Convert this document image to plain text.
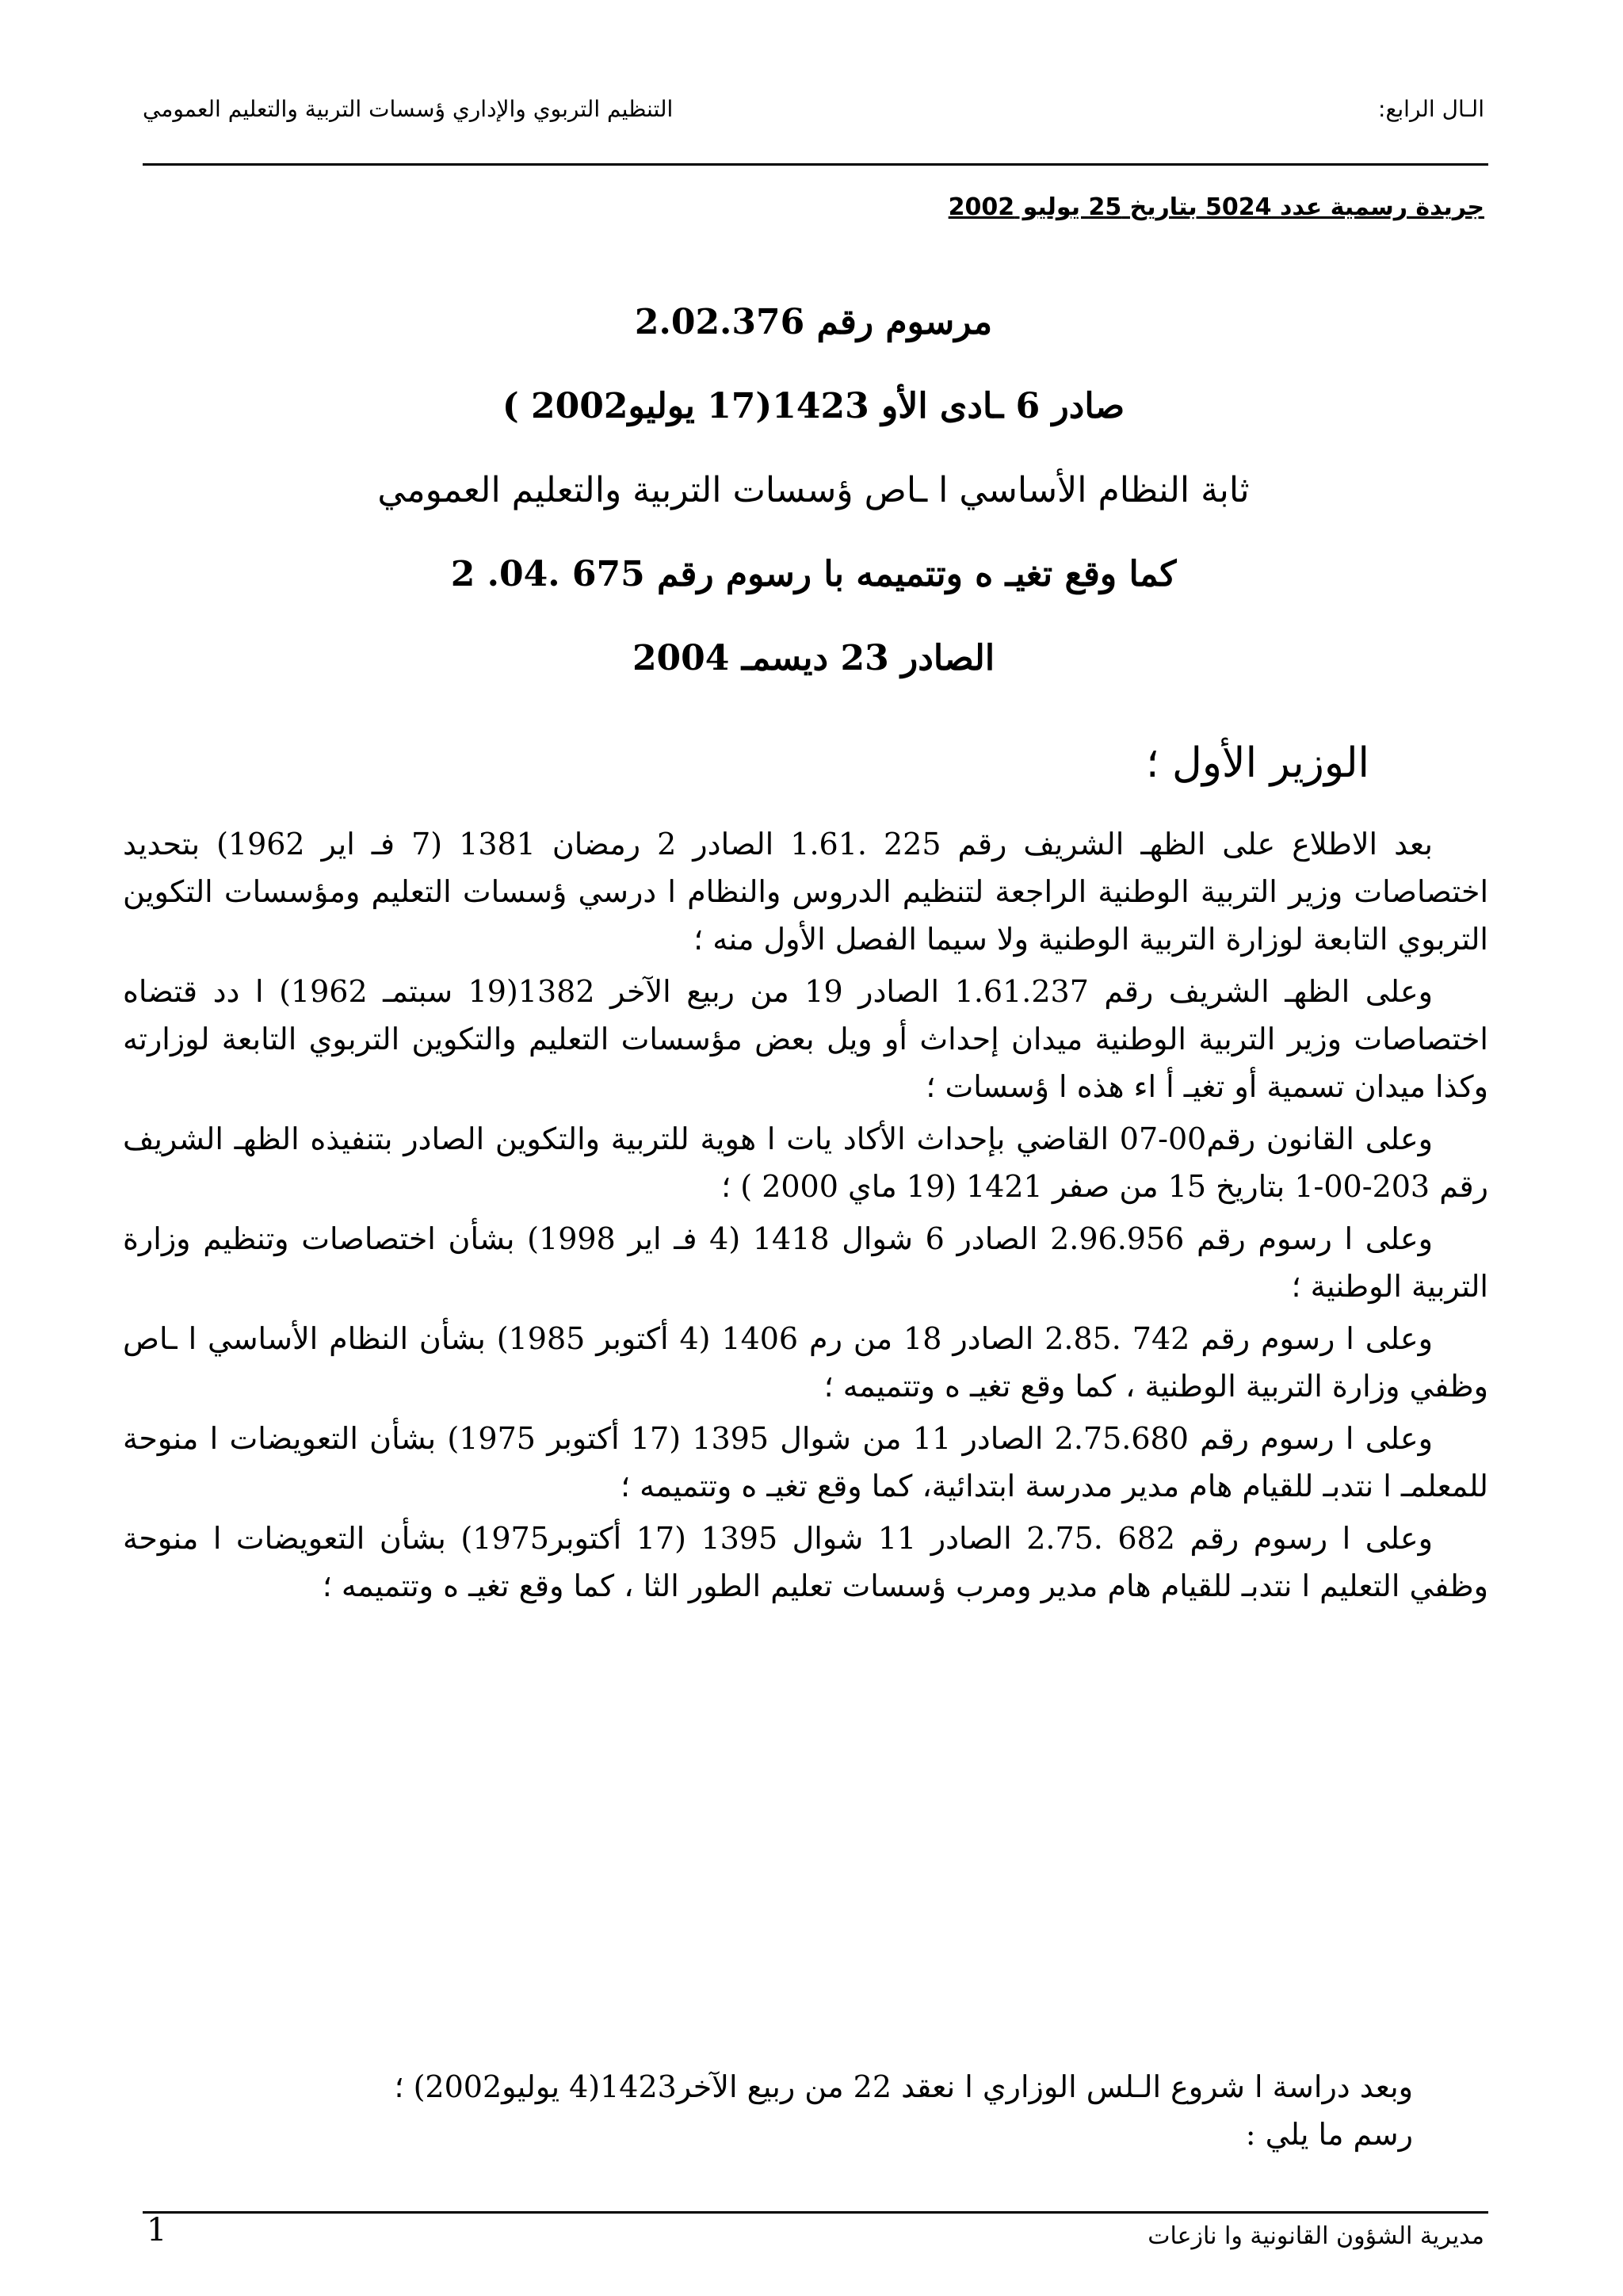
الـال الرابع:
التنظيم التربوي والإداري ؤسسات التربية والتعليم العمومي
جريدة رسمية عدد 5024 بتاريخ 25 يوليو 2002
مرسوم رقم 2.02.376
صادر 6 ـادى الأو 1423(17 يوليو2002 )
ثابة النظام الأساسي ا ـاص ؤسسات التربية والتعليم العمومي
كما وقع تغيـ ه وتتميمه با رسوم رقم 675 .04. 2
الصادر 23 ديسمـ 2004
الوزير الأول ؛

بعد الاطلاع على الظهـ الشريف رقم 225 .1.61 الصادر 2 رمضان 1381 (7 فـ اير 1962) بتحديد اختصاصات وزير التربية الوطنية الراجعة لتنظيم الدروس والنظام ا درسي ؤسسات التعليم ومؤسسات التكوين التربوي التابعة لوزارة التربية الوطنية ولا سيما الفصل الأول منه ؛

وعلى الظهـ الشريف رقم 1.61.237 الصادر 19 من ربيع الآخر 1382(19 سبتمـ 1962) ا دد قتضاه اختصاصات وزير التربية الوطنية ميدان إحداث أو ويل بعض مؤسسات التعليم والتكوين التربوي التابعة لوزارته وكذا ميدان تسمية أو تغيـ أ اء هذه ا ؤسسات ؛

وعلى القانون رقم00-07 القاضي بإحداث الأكاد يات ا هوية للتربية والتكوين الصادر بتنفيذه الظهـ الشريف رقم 203-00-1 بتاريخ 15 من صفر 1421 (19 ماي 2000 ) ؛

وعلى ا رسوم رقم 2.96.956 الصادر 6 شوال 1418 (4 فـ اير 1998) بشأن اختصاصات وتنظيم وزارة التربية الوطنية ؛

وعلى ا رسوم رقم 742 .2.85 الصادر 18 من رم 1406 (4 أكتوبر 1985) بشأن النظام الأساسي ا ـاص وظفي وزارة التربية الوطنية ، كما وقع تغيـ ه وتتميمه ؛

وعلى ا رسوم رقم 2.75.680 الصادر 11 من شوال 1395 (17 أكتوبر 1975) بشأن التعويضات ا منوحة للمعلمـ ا نتدبـ للقيام هام مدير مدرسة ابتدائية، كما وقع تغيـ ه وتتميمه ؛

وعلى ا رسوم رقم 682 .2.75 الصادر 11 شوال 1395 (17 أكتوبر1975) بشأن التعويضات ا منوحة وظفي التعليم ا نتدبـ للقيام هام مدير ومرب ؤسسات تعليم الطور الثا ، كما وقع تغيـ ه وتتميمه ؛

وبعد دراسة ا شروع الـلس الوزاري ا نعقد 22 من ربيع الآخر1423(4 يوليو2002) ؛
رسم ما يلي :
1	مديرية الشؤون القانونية وا نازعات
